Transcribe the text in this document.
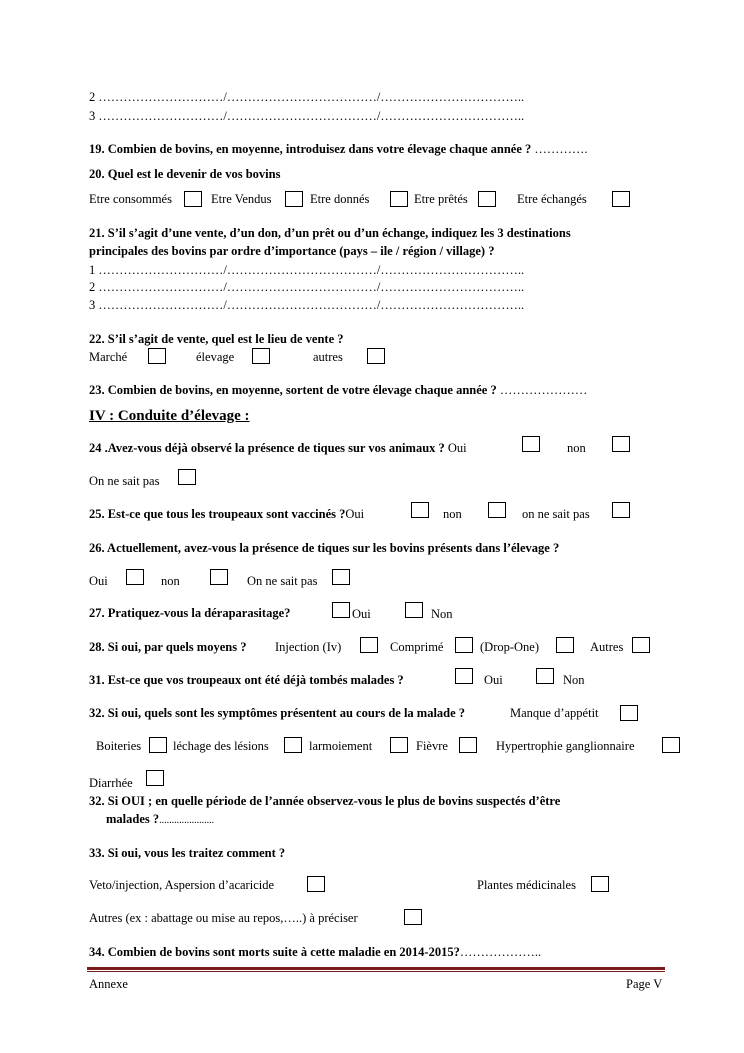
2 …………………………/………………………………/……………………………..
3 …………………………/………………………………/……………………………..
19. Combien de bovins, en moyenne, introduisez dans votre élevage chaque année ? ………….
20. Quel est le devenir de vos bovins
Etre consommés	Etre Vendus	Etre donnés	Etre prêtés	Etre échangés
21. S’il s’agit d’une vente, d’un don, d’un prêt ou d’un échange, indiquez les 3 destinations
principales des bovins par ordre d’importance (pays – ile / région / village) ?
1 …………………………/………………………………/……………………………..
2 …………………………/………………………………/……………………………..
3 …………………………/………………………………/……………………………..
22. S’il s’agit de vente, quel est le lieu de vente ?
Marché	élevage	autres
23. Combien de bovins, en moyenne, sortent de votre élevage chaque année ? …………………
IV : Conduite d’élevage :
24 .Avez-vous déjà observé la présence de tiques sur vos animaux ? Oui	non
On ne sait pas
25. Est-ce que tous les troupeaux sont vaccinés ?Oui	non	on ne sait pas
26. Actuellement, avez-vous la présence de tiques sur les bovins présents dans l’élevage ?
Oui	non	On ne sait pas
27. Pratiquez-vous la déraparasitage?	Oui	Non
28. Si oui, par quels moyens ? Injection (Iv)	Comprimé	(Drop-One)	Autres
31. Est-ce que vos troupeaux ont été déjà tombés malades ?	Oui	Non
32. Si oui, quels sont les symptômes présentent au cours de la malade ?	Manque d’appétit
Boiteries	léchage des lésions	larmoiement	Fièvre	Hypertrophie ganglionnaire
Diarrhée
32. Si OUI ; en quelle période de l’année observez-vous le plus de bovins suspectés d’être
malades ?......................
33. Si oui, vous les traitez comment ?
Veto/injection, Aspersion d’acaricide	Plantes médicinales
Autres (ex : abattage ou mise au repos,…..) à préciser
34. Combien de bovins sont morts suite à cette maladie en 2014-2015?………………..
Annexe	Page V
